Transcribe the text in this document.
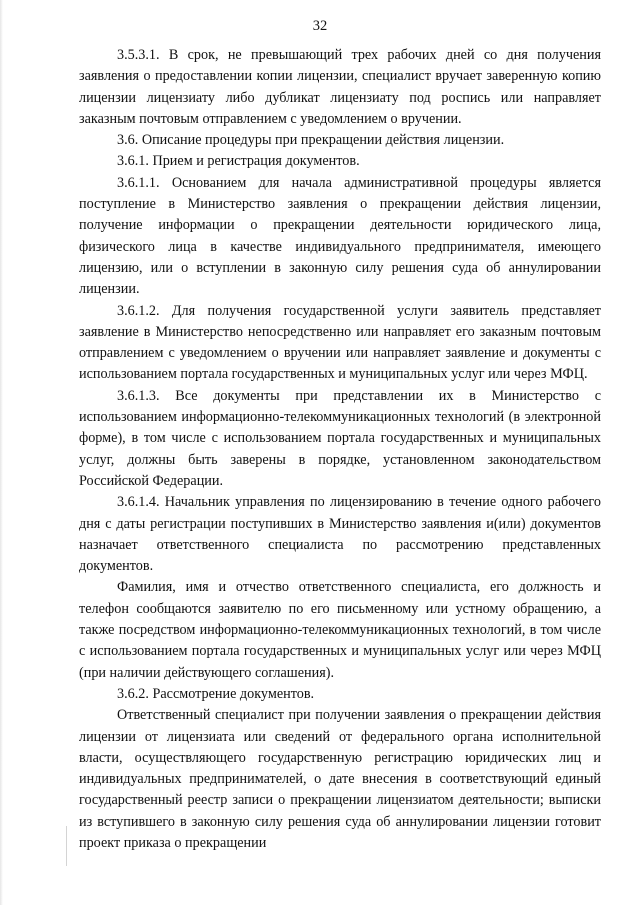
32

3.5.3.1. В срок, не превышающий трех рабочих дней со дня получения заявления о предоставлении копии лицензии, специалист вручает заверенную копию лицензии лицензиату либо дубликат лицензиату под роспись или направляет заказным почтовым отправлением с уведомлением о вручении.

3.6. Описание процедуры при прекращении действия лицензии.

3.6.1. Прием и регистрация документов.

3.6.1.1. Основанием для начала административной процедуры является поступление в Министерство заявления о прекращении действия лицензии, получение информации о прекращении деятельности юридического лица, физического лица в качестве индивидуального предпринимателя, имеющего лицензию, или о вступлении в законную силу решения суда об аннулировании лицензии.

3.6.1.2. Для получения государственной услуги заявитель представляет заявление в Министерство непосредственно или направляет его заказным почтовым отправлением с уведомлением о вручении или направляет заявление и документы с использованием портала государственных и муниципальных услуг или через МФЦ.

3.6.1.3. Все документы при представлении их в Министерство с использованием информационно-телекоммуникационных технологий (в электронной форме), в том числе с использованием портала государственных и муниципальных услуг, должны быть заверены в порядке, установленном законодательством Российской Федерации.

3.6.1.4. Начальник управления по лицензированию в течение одного рабочего дня с даты регистрации поступивших в Министерство заявления и(или) документов назначает ответственного специалиста по рассмотрению представленных документов.

Фамилия, имя и отчество ответственного специалиста, его должность и телефон сообщаются заявителю по его письменному или устному обращению, а также посредством информационно-телекоммуникационных технологий, в том числе с использованием портала государственных и муниципальных услуг или через МФЦ (при наличии действующего соглашения).

3.6.2. Рассмотрение документов.

Ответственный специалист при получении заявления о прекращении действия лицензии от лицензиата или сведений от федерального органа исполнительной власти, осуществляющего государственную регистрацию юридических лиц и индивидуальных предпринимателей, о дате внесения в соответствующий единый государственный реестр записи о прекращении лицензиатом деятельности; выписки из вступившего в законную силу решения суда об аннулировании лицензии готовит проект приказа о прекращении
